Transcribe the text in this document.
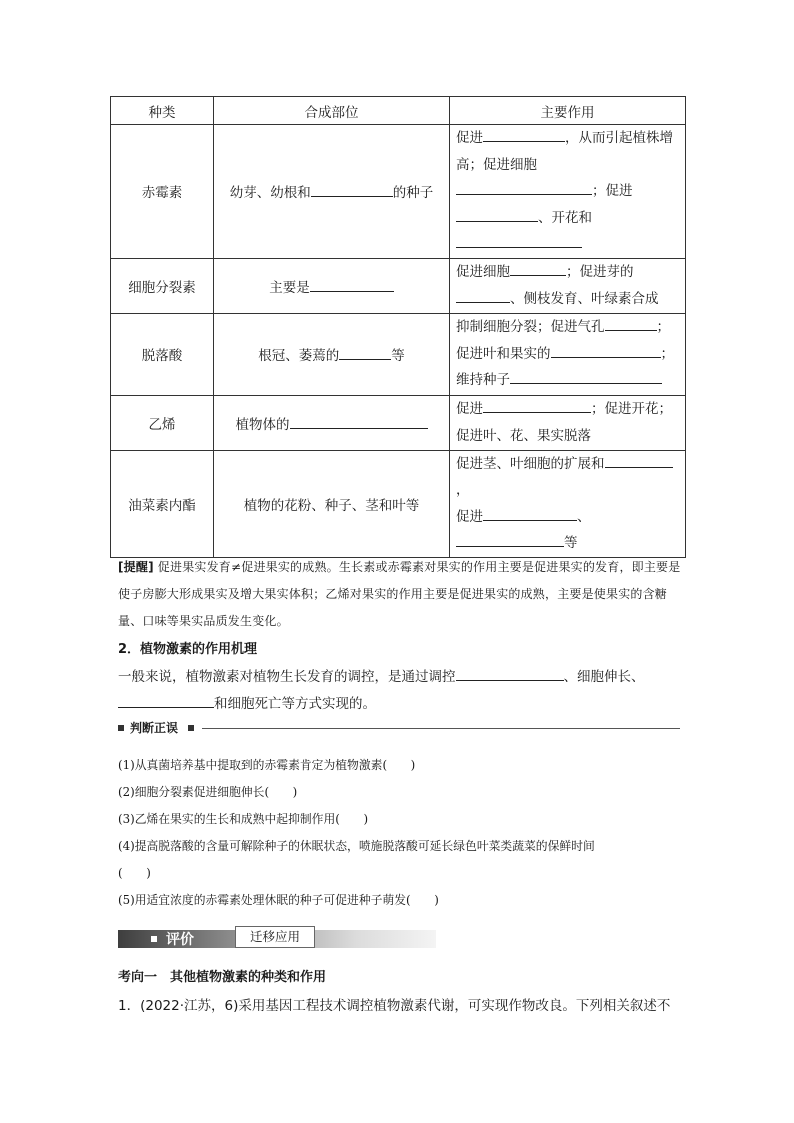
种类	合成部位	主要作用
赤霉素	幼芽、幼根和 的种子	促进 ，从而引起植株增
高；促进细胞
；促进
、开花和

细胞分裂素	主要是	促进细胞 ；促进芽的
、侧枝发育、叶绿素合成
脱落酸	根冠、萎蔫的 等	抑制细胞分裂；促进气孔 ；
促进叶和果实的 ；
维持种子
乙烯	植物体的	促进 ；促进开花；
促进叶、花、果实脱落
油菜素内酯	植物的花粉、种子、茎和叶等	促进茎、叶细胞的扩展和，
促进 、
等
[提醒] 促进果实发育≠促进果实的成熟。生长素或赤霉素对果实的作用主要是促进果实的发育，即主要是使子房膨大形成果实及增大果实体积；乙烯对果实的作用主要是促进果实的成熟，主要是使果实的含糖量、口味等果实品质发生变化。
2．植物激素的作用机理
一般来说，植物激素对植物生长发育的调控，是通过调控	、细胞伸长、
和细胞死亡等方式实现的。
判断正误
(1)从真菌培养基中提取到的赤霉素肯定为植物激素(　　)
(2)细胞分裂素促进细胞伸长(　　)
(3)乙烯在果实的生长和成熟中起抑制作用(　　)
(4)提高脱落酸的含量可解除种子的休眠状态，喷施脱落酸可延长绿色叶菜类蔬菜的保鲜时间
(　　)
(5)用适宜浓度的赤霉素处理休眠的种子可促进种子萌发(　　)
评价	迁移应用
考向一　其他植物激素的种类和作用
1．(2022·江苏，6)采用基因工程技术调控植物激素代谢，可实现作物改良。下列相关叙述不
